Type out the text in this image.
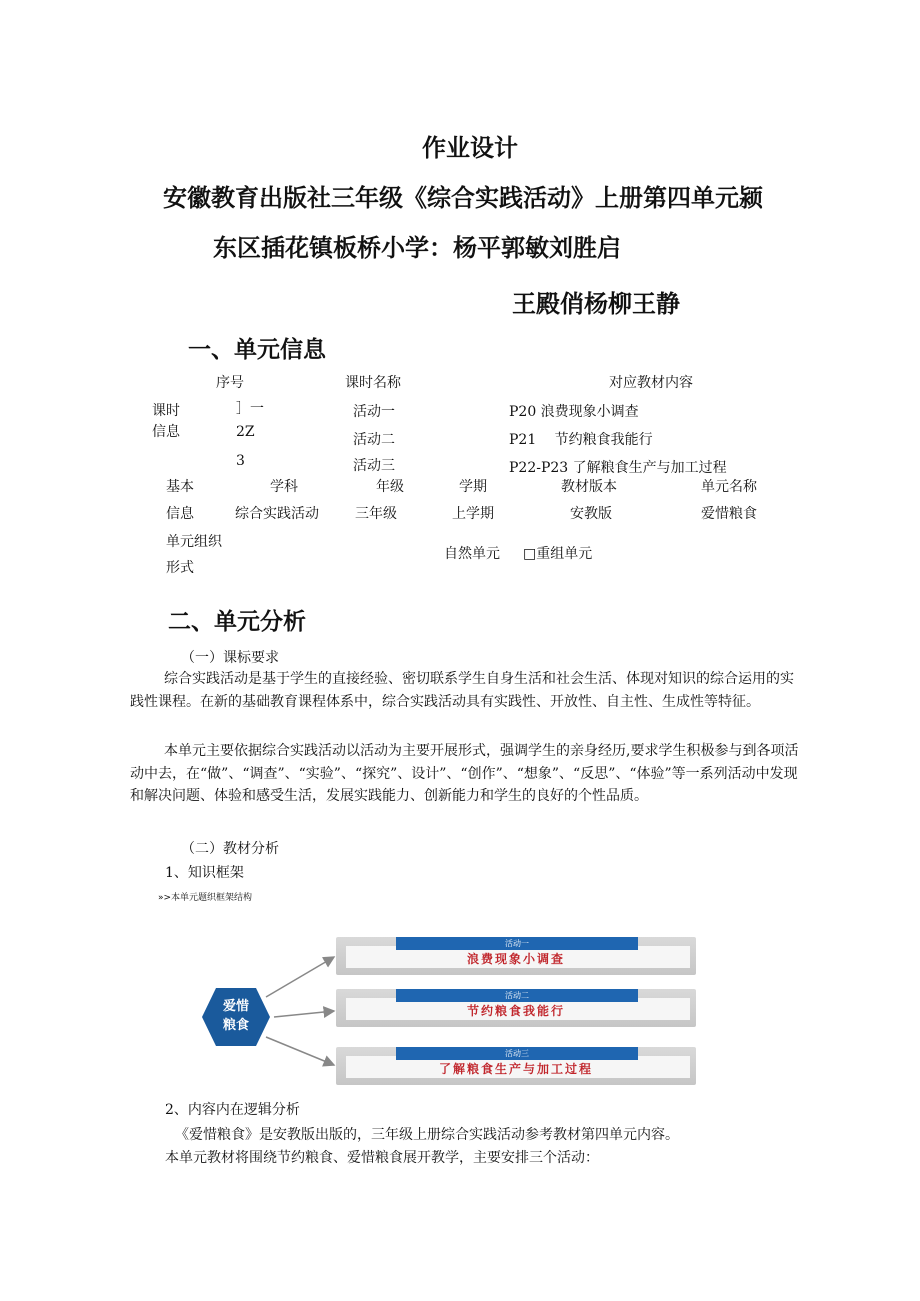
作业设计
安徽教育出版社三年级《综合实践活动》上册第四单元颍
东区插花镇板桥小学：杨平郭敏刘胜启
王殿俏杨柳王静
一、单元信息
序号	课时名称	对应教材内容
课时
信息
］一	活动一	P20 浪费现象小调查
2Z	活动二	P21　 节约粮食我能行
3	活动三	P22-P23 了解粮食生产与加工过程
基本
信息
学科	年级	学期	教材版本	单元名称
综合实践活动	三年级	上学期	安教版	爱惜粮食
单元组织
形式
自然单元 □重组单元
二、单元分析
（一）课标要求
综合实践活动是基于学生的直接经验、密切联系学生自身生活和社会生活、体现对知识的综合运用的实践性课程。在新的基础教育课程体系中，综合实践活动具有实践性、开放性、自主性、生成性等特征。
本单元主要依据综合实践活动以活动为主要开展形式，强调学生的亲身经历,要求学生积极参与到各项活动中去，在“做”、“调查”、“实验”、“探究”、设计”、“创作”、“想象”、“反思”、“体验”等一系列活动中发现和解决问题、体验和感受生活，发展实践能力、创新能力和学生的良好的个性品质。
（二）教材分析
1、知识框架
»>本单元题织框架结构
爱惜
粮食
活动一
浪费现象小调查
活动二
节约粮食我能行
活动三
了解粮食生产与加工过程
2、内容内在逻辑分析
《爱惜粮食》是安教版出版的，三年级上册综合实践活动参考教材第四单元内容。
本单元教材将围绕节约粮食、爱惜粮食展开教学，主要安排三个活动：
